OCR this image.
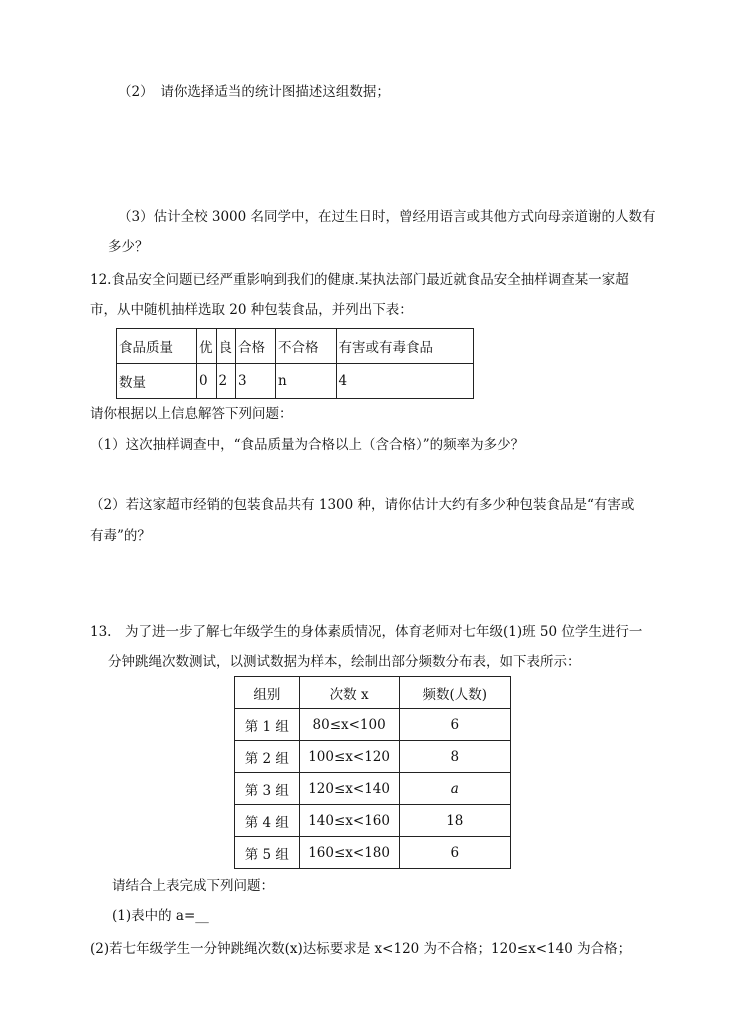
（2）　请你选择适当的统计图描述这组数据；
（3）估计全校 3000 名同学中，在过生日时，曾经用语言或其他方式向母亲道谢的人数有
多少？
12.食品安全问题已经严重影响到我们的健康.某执法部门最近就食品安全抽样调查某一家超
市，从中随机抽样选取 20 种包装食品，并列出下表：
食品质量	优	良	合格	不合格	有害或有毒食品
数量	0	2	3	n	4
请你根据以上信息解答下列问题：
（1）这次抽样调查中，“食品质量为合格以上（含合格）”的频率为多少？
（2）若这家超市经销的包装食品共有 1300 种，请你估计大约有多少种包装食品是“有害或
有毒”的？
13.　为了进一步了解七年级学生的身体素质情况，体育老师对七年级(1)班 50 位学生进行一
分钟跳绳次数测试，以测试数据为样本，绘制出部分频数分布表，如下表所示：
组别	次数 x	频数(人数)
第 1 组	80≤x<100	6
第 2 组	100≤x<120	8
第 3 组	120≤x<140	a
第 4 组	140≤x<160	18
第 5 组	160≤x<180	6
请结合上表完成下列问题：
(1)表中的 a=__
(2)若七年级学生一分钟跳绳次数(x)达标要求是 x<120 为不合格；120≤x<140 为合格；
